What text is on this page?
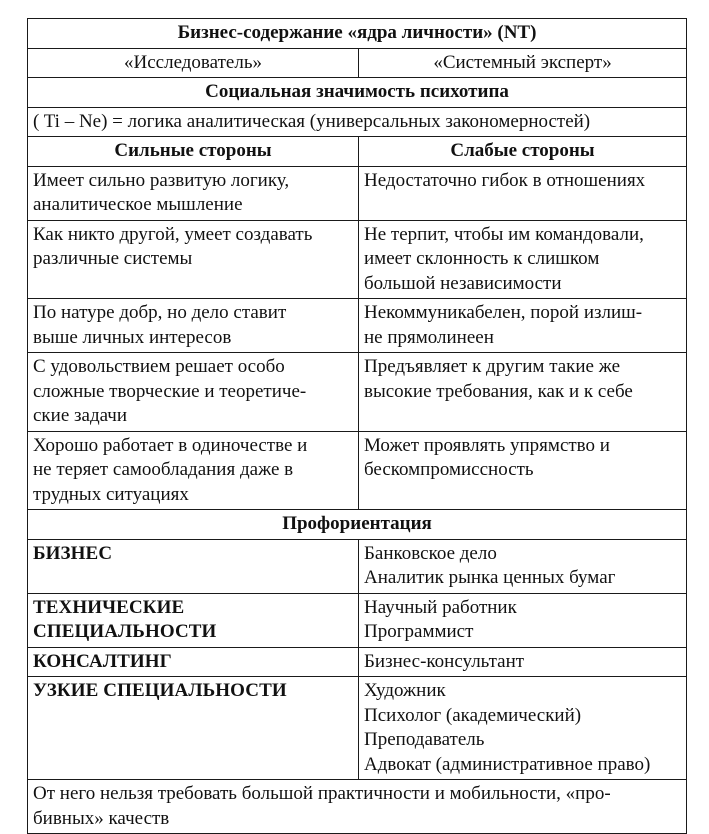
Бизнес-содержание «ядра личности» (NT)	
«Исследователь»	«Системный эксперт»
Социальная значимость психотипа	
( Ti – Ne) = логика аналитическая (универсальных закономерностей)	
Сильные стороны	Слабые стороны

Имеет сильно развитую логику,
аналитическое мышление	Недостаточно гибок в отношениях

Как никто другой, умеет создавать
различные системы	Не терпит, чтобы им командовали,
имеет склонность к слишком
большой независимости

По натуре добр, но дело ставит
выше личных интересов	Некоммуникабелен, порой излиш-
не прямолинеен

С удовольствием решает особо
сложные творческие и теоретиче-
ские задачи	Предъявляет к другим такие же
высокие требования, как и к себе

Хорошо работает в одиночестве и
не теряет самообладания даже в
трудных ситуациях	Может проявлять упрямство и
бескомпромиссность

Профориентация	

БИЗНЕС	Банковское дело
Аналитик рынка ценных бумаг

ТЕХНИЧЕСКИЕ
СПЕЦИАЛЬНОСТИ	Научный работник
Программист

КОНСАЛТИНГ	Бизнес-консультант

УЗКИЕ СПЕЦИАЛЬНОСТИ	Художник
Психолог (академический)
Преподаватель
Адвокат (административное право)

От него нельзя требовать большой практичности и мобильности, «про-
бивных» качеств	
